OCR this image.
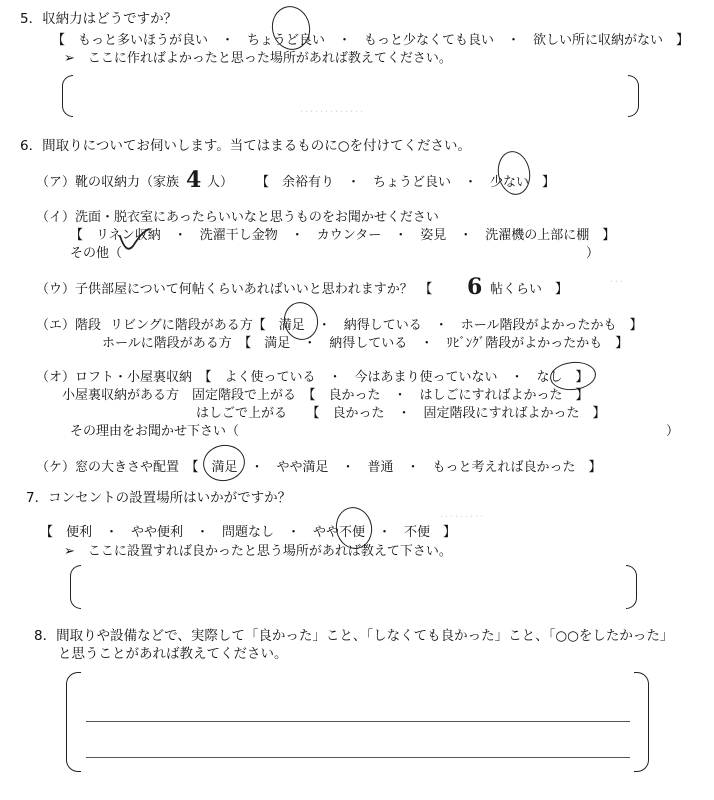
．．．．．．．．．．．．．
．．．
．．．．．．．．．
5．収納力はどうですか？
【　もっと多いほうが良い　・　ちょうど良い　・　もっと少なくても良い　・　欲しい所に収納がない　】
➢　ここに作ればよかったと思った場所があれば教えてください。
6．間取りについてお伺いします。当てはまるものに○を付けてください。
（ア）靴の収納力（家族 4 人） 【　余裕有り　・　ちょうど良い　・　少ない　】
（イ）洗面・脱衣室にあったらいいなと思うものをお聞かせください
【　リネン収納　・　洗濯干し金物　・　カウンター　・　姿見　・　洗濯機の上部に棚　】
その他（	）
（ウ）子供部屋について何帖くらいあればいいと思われますか？　【 6 帖くらい　】
（エ）階段 リビングに階段がある方【　満足　・　納得している　・　ホール階段がよかったかも　】
ホールに階段がある方　【　満足　・　納得している　・　ﾘﾋﾞﾝｸﾞ階段がよかったかも　】
（オ）ロフト・小屋裏収納　【　よく使っている　・　今はあまり使っていない　・　なし　】
小屋裏収納がある方　固定階段で上がる　【　良かった　・　はしごにすればよかった　】
はしごで上がる　　【　良かった　・　固定階段にすればよかった　】
その理由をお聞かせ下さい（	）
（ケ）窓の大きさや配置　【　満足　・　やや満足　・　普通　・　もっと考えれば良かった　】
7．コンセントの設置場所はいかがですか？
【　便利　・　やや便利　・　問題なし　・　やや不便　・　不便　】
➢　ここに設置すれば良かったと思う場所があれば教えて下さい。
8．間取りや設備などで、実際して「良かった」こと、「しなくても良かった」こと、「○○をしたかった」
と思うことがあれば教えてください。
